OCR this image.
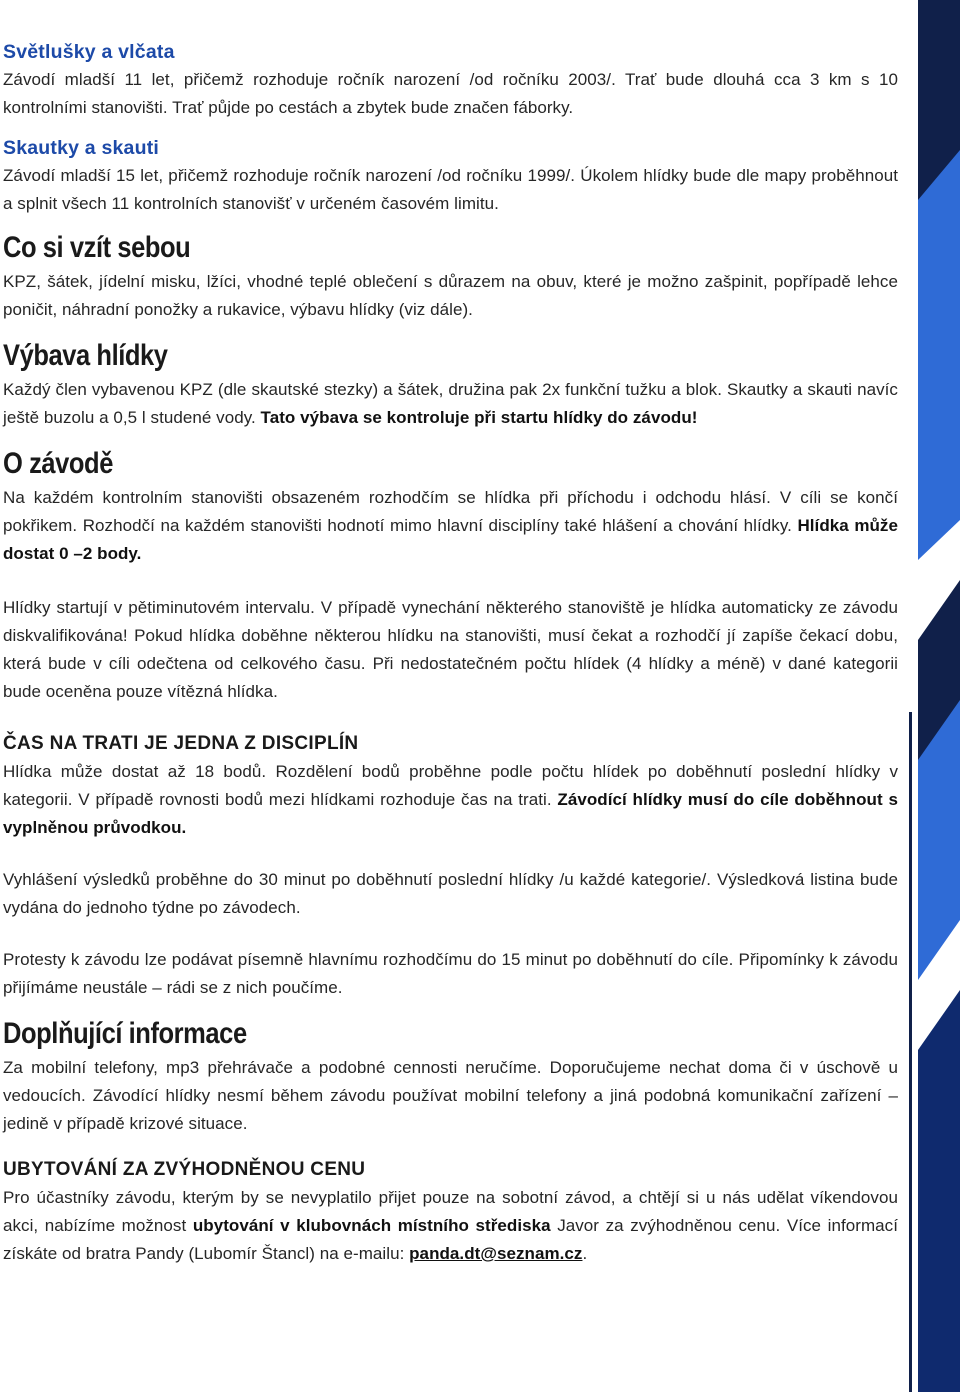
Světlušky a vlčata

Závodí mladší 11 let, přičemž rozhoduje ročník narození /od ročníku 2003/. Trať bude dlouhá cca 3 km s 10 kontrolními stanovišti. Trať půjde po cestách a zbytek bude značen fáborky.

Skautky a skauti

Závodí mladší 15 let, přičemž rozhoduje ročník narození /od ročníku 1999/. Úkolem hlídky bude dle mapy proběhnout a splnit všech 11 kontrolních stanovišť v určeném časovém limitu.

Co si vzít sebou

KPZ, šátek, jídelní misku, lžíci, vhodné teplé oblečení s důrazem na obuv, které je možno zašpinit, popřípadě lehce poničit, náhradní ponožky a rukavice, výbavu hlídky (viz dále).

Výbava hlídky

Každý člen vybavenou KPZ (dle skautské stezky) a šátek, družina pak 2x funkční tužku a blok. Skautky a skauti navíc ještě buzolu a 0,5 l studené vody. Tato výbava se kontroluje při startu hlídky do závodu!

O závodě

Na každém kontrolním stanovišti obsazeném rozhodčím se hlídka při příchodu i odchodu hlásí. V cíli se končí pokřikem. Rozhodčí na každém stanovišti hodnotí mimo hlavní disciplíny také hlášení a chování hlídky. Hlídka může dostat 0 –2 body.

Hlídky startují v pětiminutovém intervalu. V případě vynechání některého stanoviště je hlídka automaticky ze závodu diskvalifikována! Pokud hlídka doběhne některou hlídku na stanovišti, musí čekat a rozhodčí jí zapíše čekací dobu, která bude v cíli odečtena od celkového času. Při nedostatečném počtu hlídek (4 hlídky a méně) v dané kategorii bude oceněna pouze vítězná hlídka.

ČAS NA TRATI JE JEDNA Z DISCIPLÍN

Hlídka může dostat až 18 bodů. Rozdělení bodů proběhne podle počtu hlídek po doběhnutí poslední hlídky v kategorii. V případě rovnosti bodů mezi hlídkami rozhoduje čas na trati. Závodící hlídky musí do cíle doběhnout s vyplněnou průvodkou.

Vyhlášení výsledků proběhne do 30 minut po doběhnutí poslední hlídky /u každé kategorie/. Výsledková listina bude vydána do jednoho týdne po závodech.

Protesty k závodu lze podávat písemně hlavnímu rozhodčímu do 15 minut po doběhnutí do cíle. Připomínky k závodu přijímáme neustále – rádi se z nich poučíme.

Doplňující informace

Za mobilní telefony, mp3 přehrávače a podobné cennosti neručíme. Doporučujeme nechat doma či v úschově u vedoucích. Závodící hlídky nesmí během závodu používat mobilní telefony a jiná podobná komunikační zařízení – jedině v případě krizové situace.

UBYTOVÁNÍ ZA ZVÝHODNĚNOU CENU

Pro účastníky závodu, kterým by se nevyplatilo přijet pouze na sobotní závod, a chtějí si u nás udělat víkendovou akci, nabízíme možnost ubytování v klubovnách místního střediska Javor za zvýhodněnou cenu. Více informací získáte od bratra Pandy (Lubomír Štancl) na e-mailu: panda.dt@seznam.cz.
